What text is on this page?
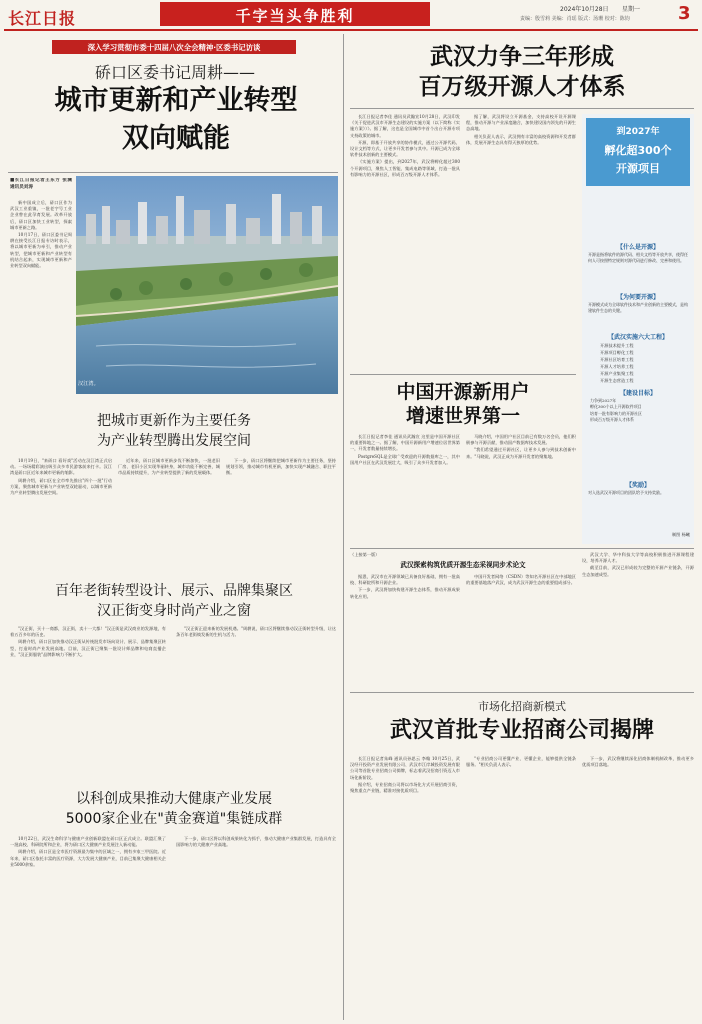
长江日报	千字当头争胜利	2024年10月28日 星期一
责编：殷雪莉 美编：肖瑶 版式：汤珊 校对：陈钧	3
深入学习贯彻市委十四届八次全会精神·区委书记访谈
硚口区委书记周耕——
城市更新和产业转型
双向赋能
■长江日报记者王东方 张澜 通讯员刘涛

新中国成立后，硚口区作为武汉工业重镇，一批老字号工业企业曾在此孕育发展。改革开放后，硚口区加快工业转型，探索城市更新之路。

10月17日，硚口区委书记周耕在接受长江日报专访时表示，将以城市更新为牵引，推动产业转型，把城市更新和产业转型有机结合起来，实现城市更新和产业转型双向赋能。

汉江湾。
把城市更新作为主要任务
为产业转型腾出发展空间

10月19日，"来硚口 看好戏"活动在汉江湾正式启动。一场场精彩演出吸引众多市民游客前来打卡。汉江湾是硚口区近年来城市更新的缩影。

周耕介绍，硚口区在全市率先推出"四个一批"行动方案，聚焦城市更新与产业转型双轮驱动，以城市更新为产业转型腾出发展空间。

近年来，硚口区城市更新步伐不断加快，一批老旧厂房、老旧小区实现华丽转身，城市功能不断完善，城市品质持续提升，为产业转型提供了新的发展载体。

下一步，硚口区将继续把城市更新作为主要任务，坚持规划引领，推动城市有机更新，加快实现产城融合、职住平衡。

百年老街转型设计、展示、品牌集聚区
汉正街变身时尚产业之窗

"汉正街，买十一商都，汉正街，卖十一大都！"汉正街是武汉商业的发源地，有着五百多年的历史。

周耕介绍，硚口区加快推动汉正街从传统批发市场向设计、展示、品牌集聚区转型，打造时尚产业发展高地。目前，汉正街已聚集一批设计师品牌和电商直播企业，"汉正街服装"品牌影响力不断扩大。

"汉正街正迎来新的发展机遇。"周耕说，硚口区将继续推动汉正街转型升级，让这条百年老街焕发新的生机与活力。

以科创成果推动大健康产业发展
5000家企业在"黄金赛道"集链成群

10月22日，武汉生命科学与健康产业创新联盟在硚口区正式成立。联盟汇聚了一批高校、科研院所和企业，将为硚口区大健康产业发展注入新动能。

周耕介绍，硚口区是全市医疗资源最为集中的区域之一，拥有多家三甲医院。近年来，硚口区依托丰富的医疗资源，大力发展大健康产业，目前已集聚大健康相关企业5000余家。

下一步，硚口区将以科创成果转化为抓手，推动大健康产业集群发展，打造具有全国影响力的大健康产业高地。

武汉力争三年形成
百万级开源人才体系

长江日报记者李佳 通讯员武瀚宣10月28日，武汉印发《关于促进武汉市开源生态建设的实施方案（以下简称《实施方案》）》。据了解，这也是全国城市中首个出台开源专项支持政策的城市。

开源，即基于开放共享的协作模式，通过公开源代码、设计文档等方式，让更多开发者参与其中。开源已成为全球软件技术创新的主要模式。

《实施方案》提出，到2027年，武汉将孵化超过300个开源项目，聚焦人工智能、集成电路等领域，打造一批具有影响力的开源社区，形成百万级开源人才体系。

据了解，武汉将设立开源基金，支持高校开设开源课程，推动开源与产业深度融合，加快建设国内领先的开源生态高地。

相关负责人表示，武汉拥有丰富的高校资源和开发者群体，发展开源生态具有得天独厚的优势。

到2027年
孵化超300个
开源项目
【什么是开源】
开源是指将软件的源代码、相关文档等开放共享，使得任何人可按照特定规则对源代码进行修改、完善和使用。
【为何要开源】
开源模式成为全球软件技术和产业创新的主要模式，是构建软件生态的关键。
【武汉实施六大工程】
开源技术提升工程
开源项目孵化工程
开源社区培育工程
开源人才培养工程
开源产业集聚工程
开源生态营造工程
【建设目标】
力争到2027年
孵化300个以上开源软件项目
培育一批有影响力的开源社区
形成百万级开源人才体系
【奖励】
对入选武汉开源项目的团队给予支持奖励。
制图 杨曦
中国开源新用户
增速世界第一

长江日报记者李佳 通讯员武瀚宣 这里是中国开源社区的重要阵地之一。据了解，中国开源新用户增速位居世界第一，开发者数量持续增长。

PostgreSQL是全球广受欢迎的开源数据库之一，其中国用户社区在武汉发展壮大，吸引了众多开发者加入。

马晓介绍，中国用户社区目前已有数万名会员，他们积极参与开源贡献，推动国产数据库技术发展。

"我们希望通过开源社区，让更多人参与到技术创新中来。"马晓说，武汉正成为开源开发者的聚集地。

（上接第一版）
武汉探索构筑优质开源生态采视同步术论文

据悉，武汉市在开源领域已具备良好基础，拥有一批高校、科研院所和开源企业。

下一步，武汉将加快构建开源生态体系，推动开源成果转化应用。

中国开发者网络（CSDN）等知名开源社区在中部地区的重要基地落户武汉，成为武汉开源生态的重要组成部分。

武汉大学、华中科技大学等高校积极推进开源课程建设，培养开源人才。

截至目前，武汉已形成较为完整的开源产业链条，开源生态加速成型。

市场化招商新模式
武汉首批专业招商公司揭牌

长江日报记者朱峰 通讯员孙思云 李翰 10月25日，武汉经开投资产业发展有限公司、武汉市江岸城投资发展有限公司等首批专业招商公司揭牌，标志着武汉招商引资迈入市场化新阶段。

据介绍，专业招商公司将以市场化方式开展招商引资，聚焦重点产业链，精准对接优质项目。

"专业招商公司更懂产业、更懂企业，能够提供全链条服务。"相关负责人表示。

下一步，武汉将继续深化招商体制机制改革，推动更多优质项目落地。
